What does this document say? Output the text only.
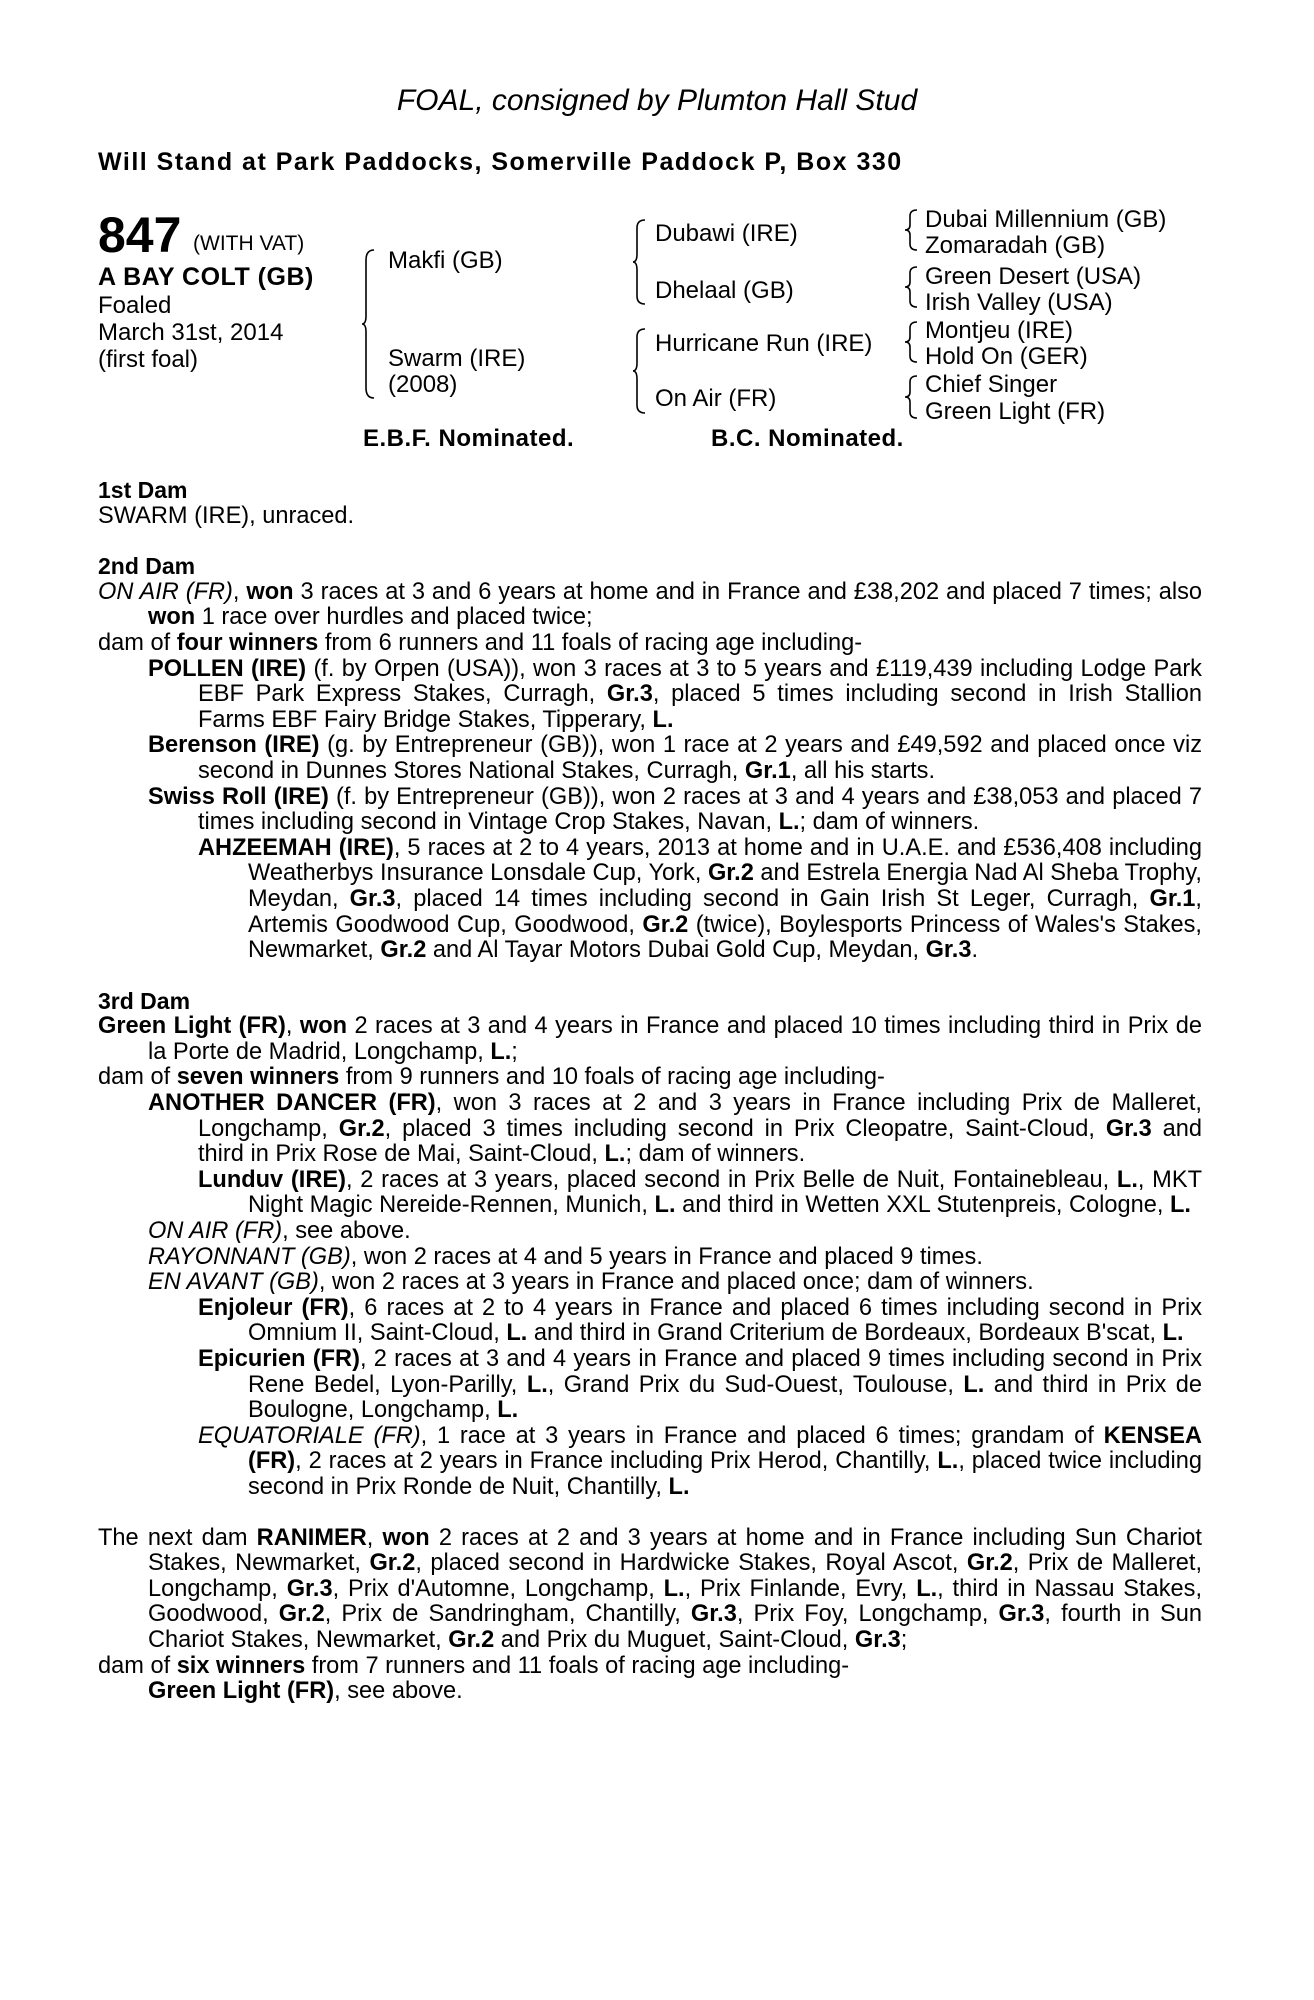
FOAL, consigned by Plumton Hall Stud
Will Stand at Park Paddocks, Somerville Paddock P, Box 330
847 (WITH VAT)
A BAY COLT (GB)
Foaled
March 31st, 2014
(first foal)
Makfi (GB)
Swarm (IRE)
(2008)
Dubawi (IRE)
Dhelaal (GB)
Hurricane Run (IRE)
On Air (FR)
Dubai Millennium (GB)
Zomaradah (GB)
Green Desert (USA)
Irish Valley (USA)
Montjeu (IRE)
Hold On (GER)
Chief Singer
Green Light (FR)
E.B.F. Nominated.	B.C. Nominated.

1st Dam

SWARM (IRE), unraced.

2nd Dam

ON AIR (FR), won 3 races at 3 and 6 years at home and in France and £38,202 and placed 7 times; also won 1 race over hurdles and placed twice;

dam of four winners from 6 runners and 11 foals of racing age including-

POLLEN (IRE) (f. by Orpen (USA)), won 3 races at 3 to 5 years and £119,439 including Lodge Park EBF Park Express Stakes, Curragh, Gr.3, placed 5 times including second in Irish Stallion Farms EBF Fairy Bridge Stakes, Tipperary, L.

Berenson (IRE) (g. by Entrepreneur (GB)), won 1 race at 2 years and £49,592 and placed once viz second in Dunnes Stores National Stakes, Curragh, Gr.1, all his starts.

Swiss Roll (IRE) (f. by Entrepreneur (GB)), won 2 races at 3 and 4 years and £38,053 and placed 7 times including second in Vintage Crop Stakes, Navan, L.; dam of winners.

AHZEEMAH (IRE), 5 races at 2 to 4 years, 2013 at home and in U.A.E. and £536,408 including Weatherbys Insurance Lonsdale Cup, York, Gr.2 and Estrela Energia Nad Al Sheba Trophy, Meydan, Gr.3, placed 14 times including second in Gain Irish St Leger, Curragh, Gr.1, Artemis Goodwood Cup, Goodwood, Gr.2 (twice), Boylesports Princess of Wales's Stakes, Newmarket, Gr.2 and Al Tayar Motors Dubai Gold Cup, Meydan, Gr.3.

3rd Dam

Green Light (FR), won 2 races at 3 and 4 years in France and placed 10 times including third in Prix de la Porte de Madrid, Longchamp, L.;

dam of seven winners from 9 runners and 10 foals of racing age including-

ANOTHER DANCER (FR), won 3 races at 2 and 3 years in France including Prix de Malleret, Longchamp, Gr.2, placed 3 times including second in Prix Cleopatre, Saint-Cloud, Gr.3 and third in Prix Rose de Mai, Saint-Cloud, L.; dam of winners.

Lunduv (IRE), 2 races at 3 years, placed second in Prix Belle de Nuit, Fontainebleau, L., MKT Night Magic Nereide-Rennen, Munich, L. and third in Wetten XXL Stutenpreis, Cologne, L.

ON AIR (FR), see above.

RAYONNANT (GB), won 2 races at 4 and 5 years in France and placed 9 times.

EN AVANT (GB), won 2 races at 3 years in France and placed once; dam of winners.

Enjoleur (FR), 6 races at 2 to 4 years in France and placed 6 times including second in Prix Omnium II, Saint-Cloud, L. and third in Grand Criterium de Bordeaux, Bordeaux B'scat, L.

Epicurien (FR), 2 races at 3 and 4 years in France and placed 9 times including second in Prix Rene Bedel, Lyon-Parilly, L., Grand Prix du Sud-Ouest, Toulouse, L. and third in Prix de Boulogne, Longchamp, L.

EQUATORIALE (FR), 1 race at 3 years in France and placed 6 times; grandam of KENSEA (FR), 2 races at 2 years in France including Prix Herod, Chantilly, L., placed twice including second in Prix Ronde de Nuit, Chantilly, L.

The next dam RANIMER, won 2 races at 2 and 3 years at home and in France including Sun Chariot Stakes, Newmarket, Gr.2, placed second in Hardwicke Stakes, Royal Ascot, Gr.2, Prix de Malleret, Longchamp, Gr.3, Prix d'Automne, Longchamp, L., Prix Finlande, Evry, L., third in Nassau Stakes, Goodwood, Gr.2, Prix de Sandringham, Chantilly, Gr.3, Prix Foy, Longchamp, Gr.3, fourth in Sun Chariot Stakes, Newmarket, Gr.2 and Prix du Muguet, Saint-Cloud, Gr.3;

dam of six winners from 7 runners and 11 foals of racing age including-

Green Light (FR), see above.
